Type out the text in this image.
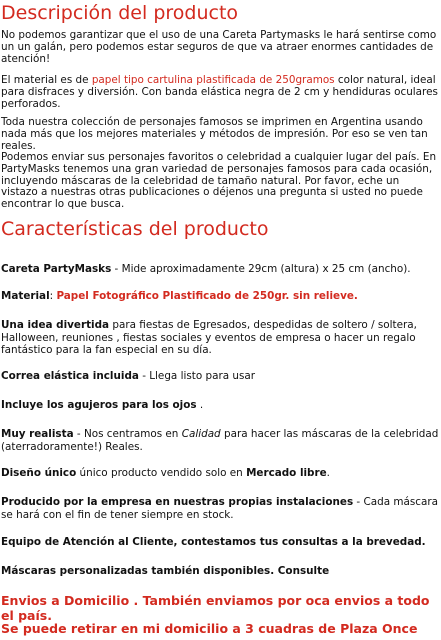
Descripción del producto

No podemos garantizar que el uso de una Careta Partymasks le hará sentirse como un un galán, pero podemos estar seguros de que va atraer enormes cantidades de atención!

El material es de papel tipo cartulina plastificada de 250gramos color natural, ideal para disfraces y diversión. Con banda elástica negra de 2 cm y hendiduras oculares perforados.

Toda nuestra colección de personajes famosos se imprimen en Argentina usando nada más que los mejores materiales y métodos de impresión. Por eso se ven tan reales.

Podemos enviar sus personajes favoritos o celebridad a cualquier lugar del país. En PartyMasks tenemos una gran variedad de personajes famosos para cada ocasión, incluyendo máscaras de la celebridad de tamaño natural. Por favor, eche un vistazo a nuestras otras publicaciones o déjenos una pregunta si usted no puede encontrar lo que busca.

Características del producto
Careta PartyMasks - Mide aproximadamente 29cm (altura) x 25 cm (ancho).
Material: Papel Fotográfico Plastificado de 250gr. sin relieve.
Una idea divertida para fiestas de Egresados, despedidas de soltero / soltera, Halloween, reuniones , fiestas sociales y eventos de empresa o hacer un regalo fantástico para la fan especial en su día.
Correa elástica incluida - Llega listo para usar
Incluye los agujeros para los ojos .
Muy realista - Nos centramos en Calidad para hacer las máscaras de la celebridad (aterradoramente!) Reales.
Diseño único único producto vendido solo en Mercado libre.
Producido por la empresa en nuestras propias instalaciones - Cada máscara se hará con el fin de tener siempre en stock.
Equipo de Atención al Cliente, contestamos tus consultas a la brevedad.
Máscaras personalizadas también disponibles. Consulte
Envios a Domicilio . También enviamos por oca envios a todo el país.
Se puede retirar en mi domicilio a 3 cuadras de Plaza Once
